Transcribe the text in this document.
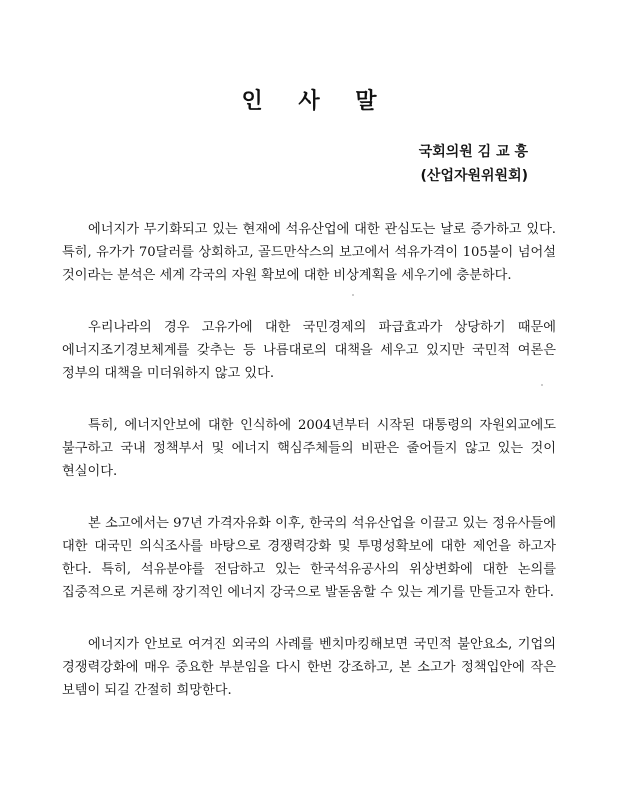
인 사 말
국회의원 김 교 흥
(산업자원위원회)

에너지가 무기화되고 있는 현재에 석유산업에 대한 관심도는 날로 증가하고 있다. 특히, 유가가 70달러를 상회하고, 골드만삭스의 보고에서 석유가격이 105불이 넘어설 것이라는 분석은 세계 각국의 자원 확보에 대한 비상계획을 세우기에 충분하다.

우리나라의 경우 고유가에 대한 국민경제의 파급효과가 상당하기 때문에 에너지조기경보체계를 갖추는 등 나름대로의 대책을 세우고 있지만 국민적 여론은 정부의 대책을 미더워하지 않고 있다.

특히, 에너지안보에 대한 인식하에 2004년부터 시작된 대통령의 자원외교에도 불구하고 국내 정책부서 및 에너지 핵심주체들의 비판은 줄어들지 않고 있는 것이 현실이다.

본 소고에서는 97년 가격자유화 이후, 한국의 석유산업을 이끌고 있는 정유사들에 대한 대국민 의식조사를 바탕으로 경쟁력강화 및 투명성확보에 대한 제언을 하고자 한다. 특히, 석유분야를 전담하고 있는 한국석유공사의 위상변화에 대한 논의를 집중적으로 거론해 장기적인 에너지 강국으로 발돋움할 수 있는 계기를 만들고자 한다.

에너지가 안보로 여겨진 외국의 사례를 벤치마킹해보면 국민적 불안요소, 기업의 경쟁력강화에 매우 중요한 부분임을 다시 한번 강조하고, 본 소고가 정책입안에 작은 보템이 되길 간절히 희망한다.
